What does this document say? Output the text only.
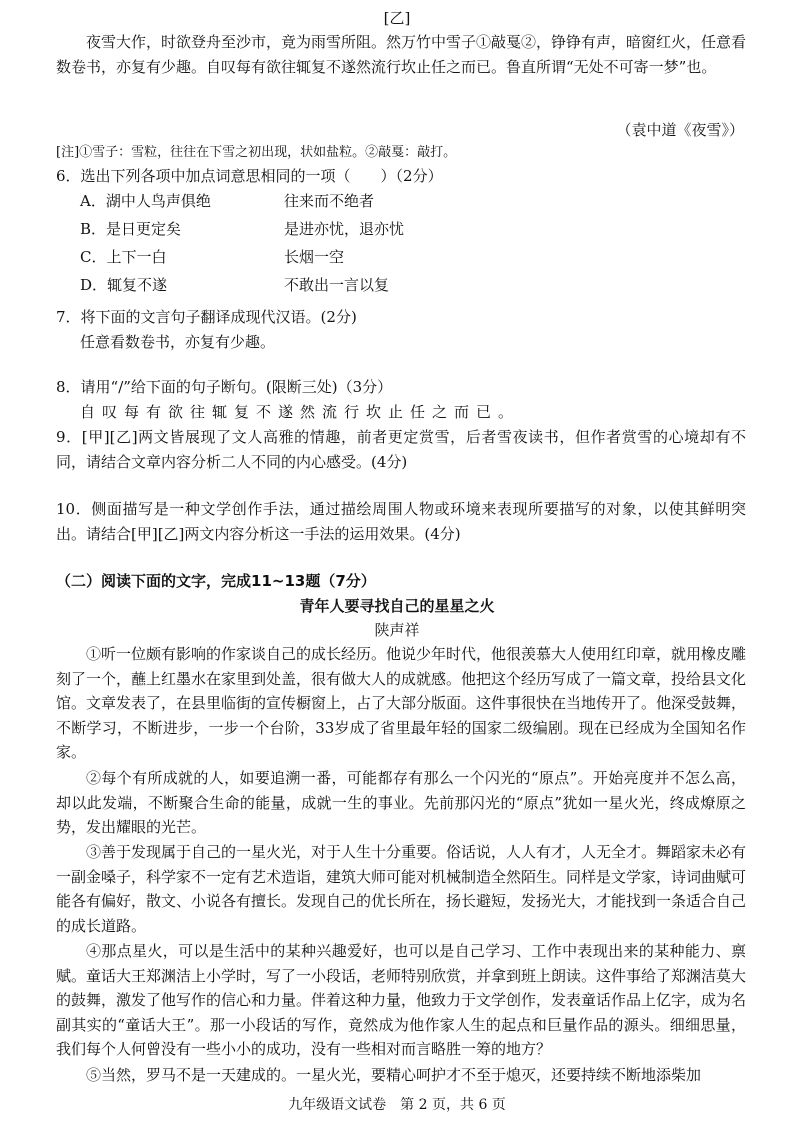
[乙]
夜雪大作，时欲登舟至沙市，竟为雨雪所阻。然万竹中雪子①敲戛②，铮铮有声，暗窗红火，任意看数卷书，亦复有少趣。自叹每有欲往辄复不遂然流行坎止任之而已。鲁直所谓“无处不可寄一梦”也。
（袁中道《夜雪》）
[注]①雪子：雪粒，往往在下雪之初出现，状如盐粒。②敲戛：敲打。
6．选出下列各项中加点词意思相同的一项（　　）（2分）
A．湖中人鸟声俱绝	往来而不绝者
B．是日更定矣	是进亦忧，退亦忧
C．上下一白	长烟一空
D．辄复不遂	不敢出一言以复
7．将下面的文言句子翻译成现代汉语。(2分)
任意看数卷书，亦复有少趣。
8．请用“/”给下面的句子断句。(限断三处)（3分）
自叹每有欲往辄复不遂然流行坎止任之而已。
9．[甲][乙]两文皆展现了文人高雅的情趣，前者更定赏雪，后者雪夜读书，但作者赏雪的心境却有不同，请结合文章内容分析二人不同的内心感受。(4分)
10．侧面描写是一种文学创作手法，通过描绘周围人物或环境来表现所要描写的对象，以使其鲜明突出。请结合[甲][乙]两文内容分析这一手法的运用效果。(4分)
（二）阅读下面的文字，完成11~13题（7分）
青年人要寻找自己的星星之火
陕声祥
①听一位颇有影响的作家谈自己的成长经历。他说少年时代，他很羡慕大人使用红印章，就用橡皮雕刻了一个，蘸上红墨水在家里到处盖，很有做大人的成就感。他把这个经历写成了一篇文章，投给县文化馆。文章发表了，在县里临街的宣传橱窗上，占了大部分版面。这件事很快在当地传开了。他深受鼓舞，不断学习，不断进步，一步一个台阶，33岁成了省里最年轻的国家二级编剧。现在已经成为全国知名作家。
②每个有所成就的人，如要追溯一番，可能都存有那么一个闪光的“原点”。开始亮度并不怎么高，却以此发端，不断聚合生命的能量，成就一生的事业。先前那闪光的“原点”犹如一星火光，终成燎原之势，发出耀眼的光芒。
③善于发现属于自己的一星火光，对于人生十分重要。俗话说，人人有才，人无全才。舞蹈家未必有一副金嗓子，科学家不一定有艺术造诣，建筑大师可能对机械制造全然陌生。同样是文学家，诗词曲赋可能各有偏好，散文、小说各有擅长。发现自己的优长所在，扬长避短，发扬光大，才能找到一条适合自己的成长道路。
④那点星火，可以是生活中的某种兴趣爱好，也可以是自己学习、工作中表现出来的某种能力、禀赋。童话大王郑渊洁上小学时，写了一小段话，老师特别欣赏，并拿到班上朗读。这件事给了郑渊洁莫大的鼓舞，激发了他写作的信心和力量。伴着这种力量，他致力于文学创作，发表童话作品上亿字，成为名副其实的“童话大王”。那一小段话的写作，竟然成为他作家人生的起点和巨量作品的源头。细细思量，我们每个人何曾没有一些小小的成功，没有一些相对而言略胜一筹的地方？
⑤当然，罗马不是一天建成的。一星火光，要精心呵护才不至于熄灭，还要持续不断地添柴加
九年级语文试卷　第 2 页，共 6 页
